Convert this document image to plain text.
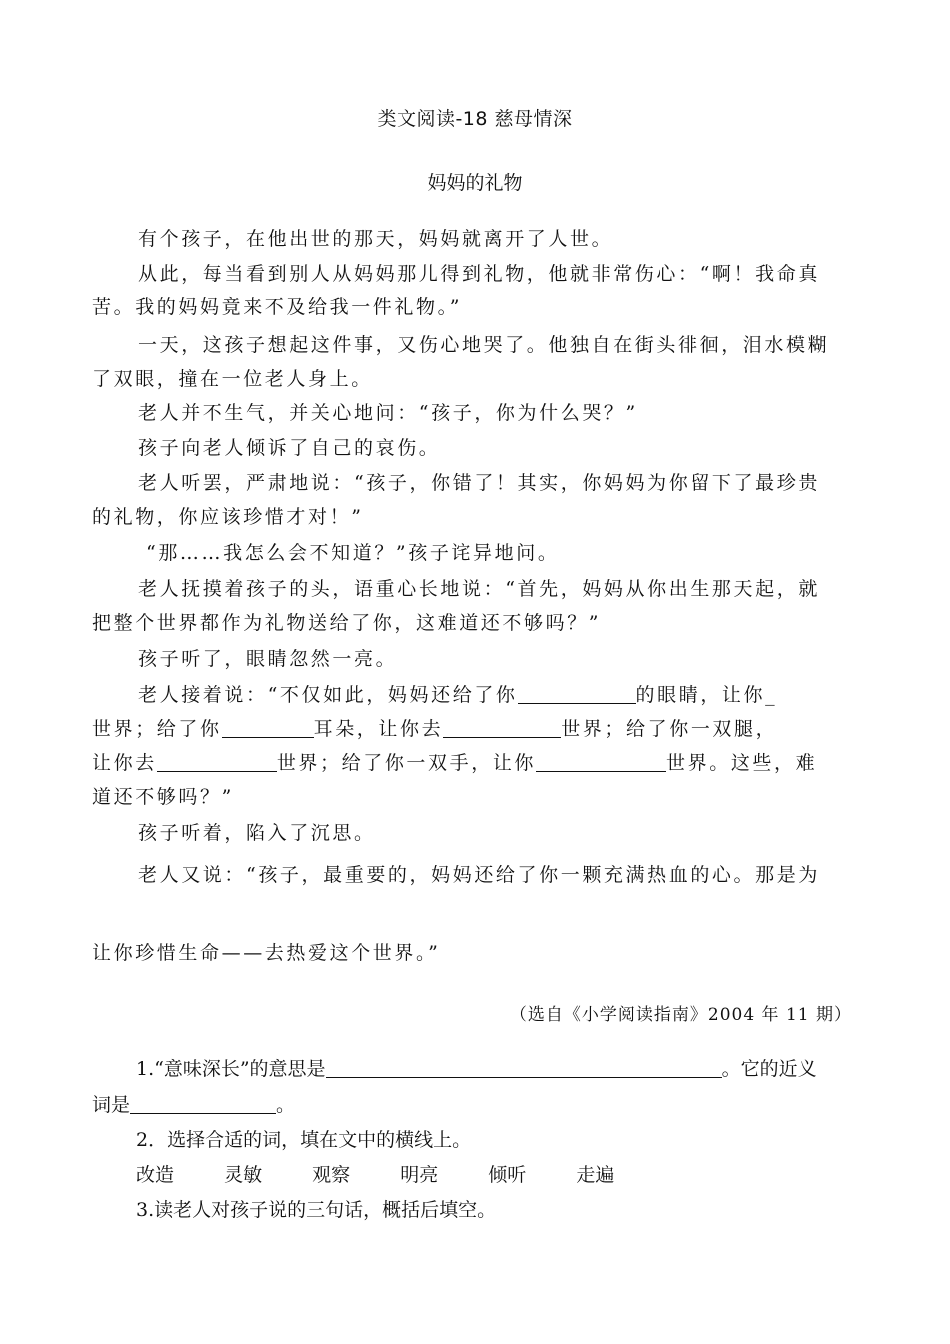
类文阅读-18 慈母情深
妈妈的礼物
有个孩子，在他出世的那天，妈妈就离开了人世。
从此，每当看到别人从妈妈那儿得到礼物，他就非常伤心：“啊！我命真
苦。我的妈妈竟来不及给我一件礼物。”
一天，这孩子想起这件事，又伤心地哭了。他独自在街头徘徊，泪水模糊
了双眼，撞在一位老人身上。
老人并不生气，并关心地问：“孩子，你为什么哭？”
孩子向老人倾诉了自己的哀伤。
老人听罢，严肃地说：“孩子，你错了！其实，你妈妈为你留下了最珍贵
的礼物，你应该珍惜才对！”
“那……我怎么会不知道？”孩子诧异地问。
老人抚摸着孩子的头，语重心长地说：“首先，妈妈从你出生那天起，就
把整个世界都作为礼物送给了你，这难道还不够吗？”
孩子听了，眼睛忽然一亮。
老人接着说：“不仅如此，妈妈还给了你	的眼睛，让你_
世界；给了你	耳朵，让你去	世界；给了你一双腿，
让你去	世界；给了你一双手，让你	世界。这些，难
道还不够吗？”
孩子听着，陷入了沉思。
老人又说：“孩子，最重要的，妈妈还给了你一颗充满热血的心。那是为
让你珍惜生命——去热爱这个世界。”
（选自《小学阅读指南》2004 年 11 期）
1.“意味深长”的意思是	。它的近义
词是	。
2．选择合适的词，填在文中的横线上。
改造	灵敏	观察	明亮	倾听	走遍
3.读老人对孩子说的三句话，概括后填空。
